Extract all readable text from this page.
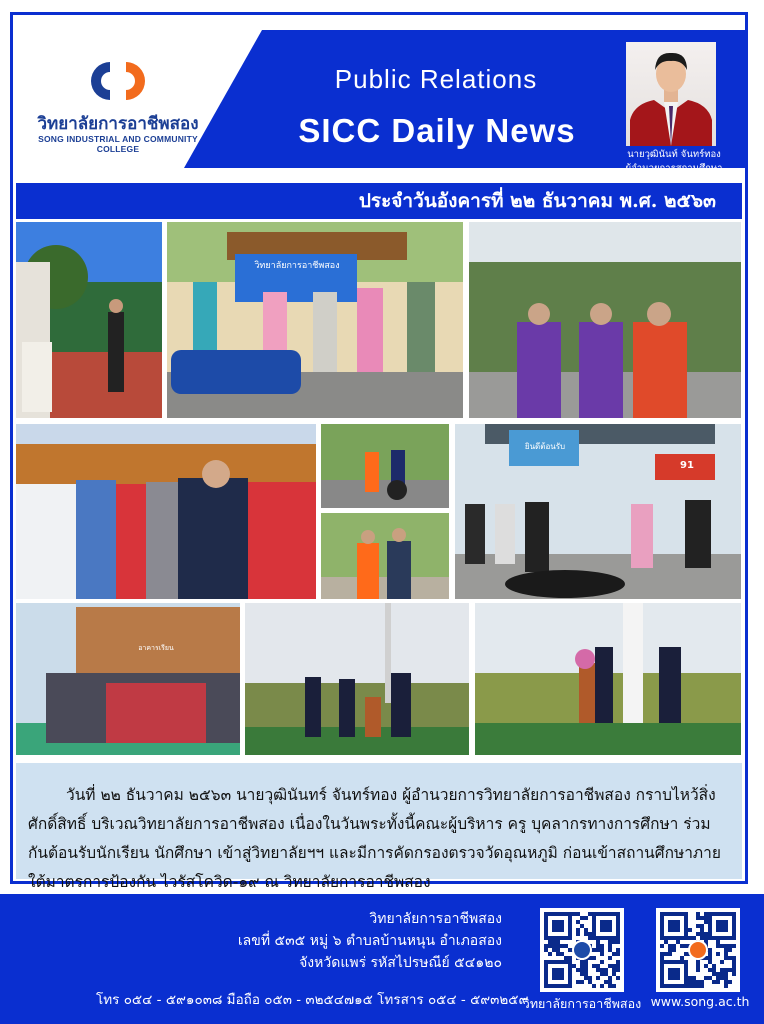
วิทยาลัยการอาชีพสอง
SONG INDUSTRIAL AND COMMUNITY COLLEGE
Public Relations
SICC Daily News
นายวุฒินันท์ จันทร์ทอง
ผู้อำนวยการสถานศึกษา
ประจำวันอังคารที่ ๒๒ ธันวาคม พ.ศ. ๒๕๖๓
วิทยาลัยการอาชีพสอง
ยินดีต้อนรับ
91
อาคารเรียน
วันที่ ๒๒ ธันวาคม ๒๕๖๓ นายวุฒินันทร์ จันทร์ทอง ผู้อำนวยการวิทยาลัยการอาชีพสอง กราบไหว้สิ่งศักดิ์สิทธิ์ บริเวณวิทยาลัยการอาชีพสอง เนื่องในวันพระทั้งนี้คณะผู้บริหาร ครู บุคลากรทางการศึกษา ร่วมกันต้อนรับนักเรียน นักศึกษา เข้าสู่วิทยาลัยฯฯ และมีการคัดกรองตรวจวัดอุณหภูมิ ก่อนเข้าสถานศึกษาภายใต้มาตรการป้องกัน ไวรัสโควิด-๑๙ ณ วิทยาลัยการอาชีพสอง
วิทยาลัยการอาชีพสอง
เลขที่ ๕๓๕ หมู่ ๖ ตำบลบ้านหนุน อำเภอสอง
จังหวัดแพร่ รหัสไปรษณีย์ ๕๔๑๒๐
โทร ๐๕๔ - ๕๙๑๐๓๘ มือถือ ๐๕๓ - ๓๒๕๔๗๑๕ โทรสาร ๐๕๔ - ๕๙๓๒๕๙
วิทยาลัยการอาชีพสอง www.song.ac.th
